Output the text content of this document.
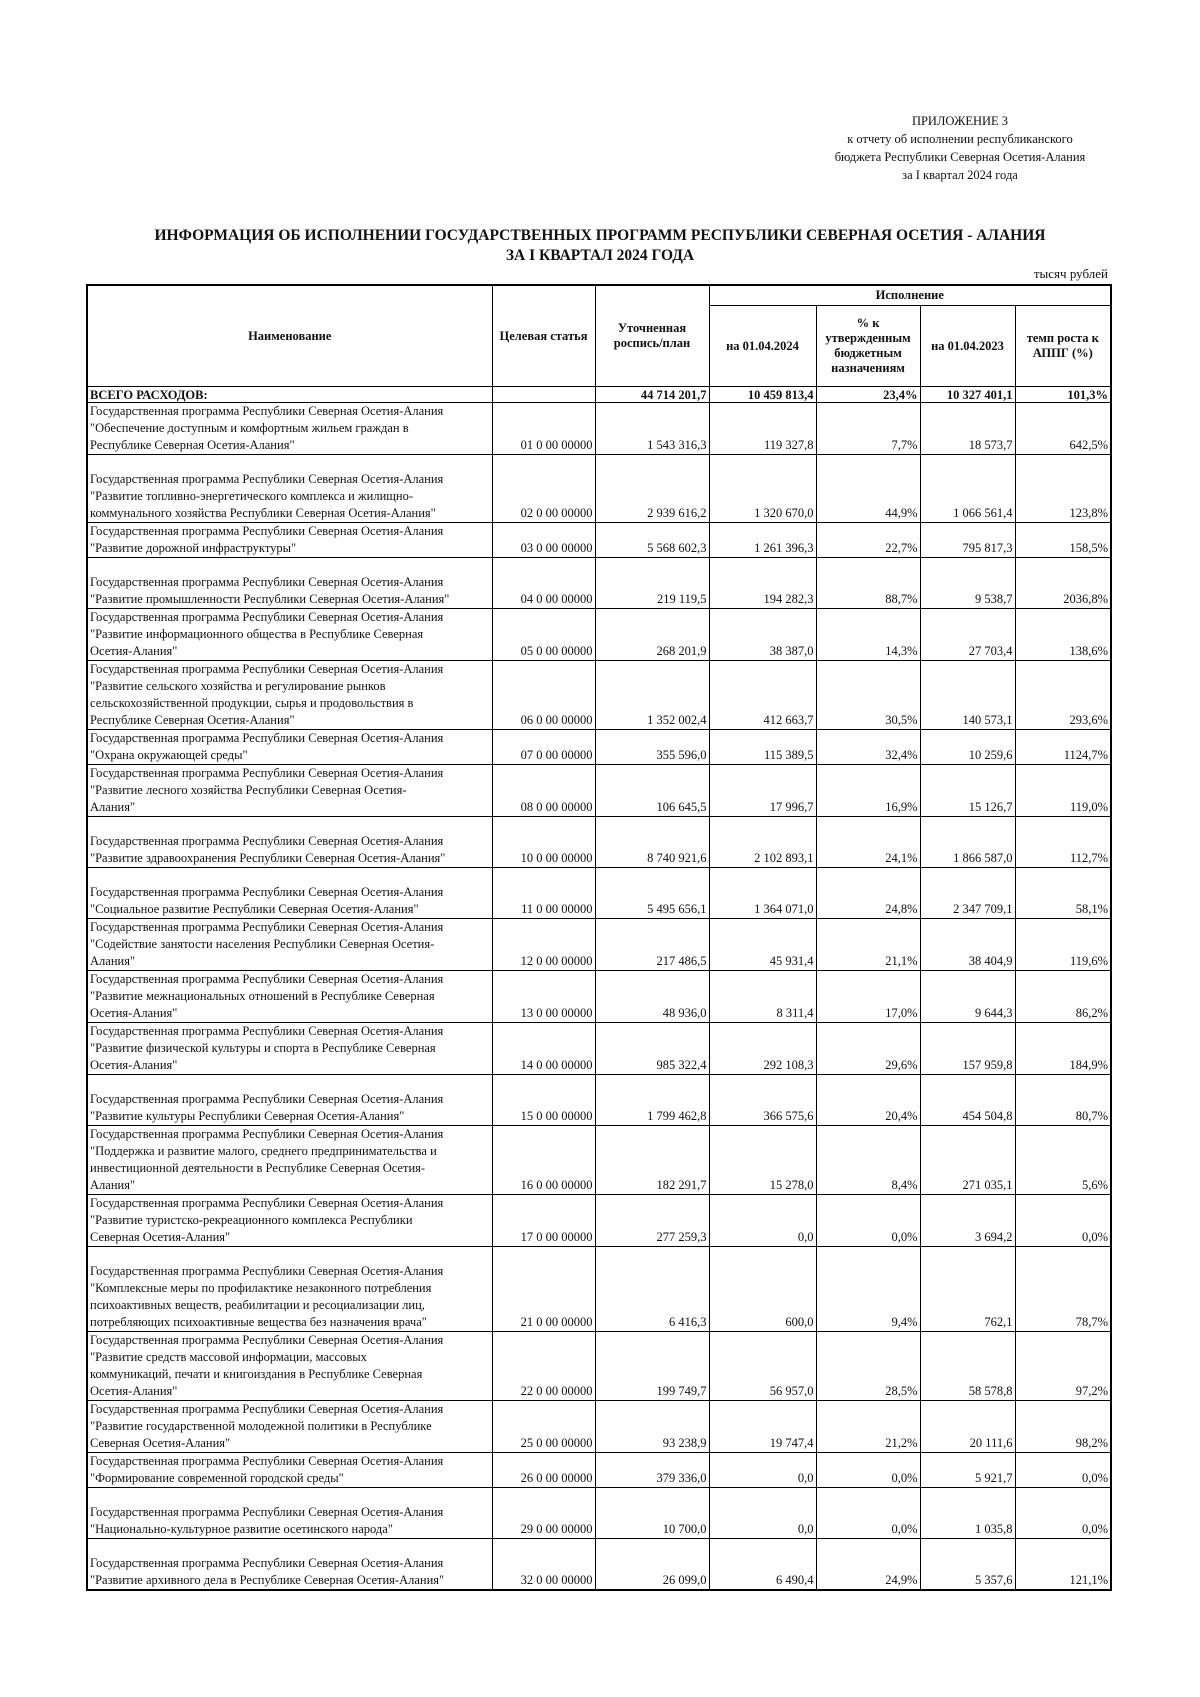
ПРИЛОЖЕНИЕ 3
к отчету об исполнении республиканского
бюджета Республики Северная Осетия-Алания
за I квартал 2024 года
ИНФОРМАЦИЯ ОБ ИСПОЛНЕНИИ ГОСУДАРСТВЕННЫХ ПРОГРАММ РЕСПУБЛИКИ СЕВЕРНАЯ ОСЕТИЯ - АЛАНИЯ
ЗА I КВАРТАЛ 2024 ГОДА
тысяч рублей
Наименование	Целевая статья	Уточненная роспись/план	Исполнение			
			на 01.04.2024	% к утвержденным бюджетным назначениям	на 01.04.2023	темп роста к АППГ (%)
ВСЕГО РАСХОДОВ:		44 714 201,7	10 459 813,4	23,4%	10 327 401,1	101,3%

Государственная программа Республики Северная Осетия-Алания
"Обеспечение доступным и комфортным жильем граждан в
Республике Северная Осетия-Алания"	01 0 00 00000	1 543 316,3	119 327,8	7,7%	18 573,7	642,5%

Государственная программа Республики Северная Осетия-Алания
"Развитие топливно-энергетического комплекса и жилищно-
коммунального хозяйства Республики Северная Осетия-Алания"	02 0 00 00000	2 939 616,2	1 320 670,0	44,9%	1 066 561,4	123,8%

Государственная программа Республики Северная Осетия-Алания
"Развитие дорожной инфраструктуры"	03 0 00 00000	5 568 602,3	1 261 396,3	22,7%	795 817,3	158,5%

Государственная программа Республики Северная Осетия-Алания
"Развитие промышленности Республики Северная Осетия-Алания"	04 0 00 00000	219 119,5	194 282,3	88,7%	9 538,7	2036,8%

Государственная программа Республики Северная Осетия-Алания
"Развитие информационного общества в Республике Северная
Осетия-Алания"	05 0 00 00000	268 201,9	38 387,0	14,3%	27 703,4	138,6%

Государственная программа Республики Северная Осетия-Алания
"Развитие сельского хозяйства и регулирование рынков
сельскохозяйственной продукции, сырья и продовольствия в
Республике Северная Осетия-Алания"	06 0 00 00000	1 352 002,4	412 663,7	30,5%	140 573,1	293,6%

Государственная программа Республики Северная Осетия-Алания
"Охрана окружающей среды"	07 0 00 00000	355 596,0	115 389,5	32,4%	10 259,6	1124,7%

Государственная программа Республики Северная Осетия-Алания
"Развитие лесного хозяйства Республики Северная Осетия-
Алания"	08 0 00 00000	106 645,5	17 996,7	16,9%	15 126,7	119,0%

Государственная программа Республики Северная Осетия-Алания
"Развитие здравоохранения Республики Северная Осетия-Алания"	10 0 00 00000	8 740 921,6	2 102 893,1	24,1%	1 866 587,0	112,7%

Государственная программа Республики Северная Осетия-Алания
"Социальное развитие Республики Северная Осетия-Алания"	11 0 00 00000	5 495 656,1	1 364 071,0	24,8%	2 347 709,1	58,1%

Государственная программа Республики Северная Осетия-Алания
"Содействие занятости населения Республики Северная Осетия-
Алания"	12 0 00 00000	217 486,5	45 931,4	21,1%	38 404,9	119,6%

Государственная программа Республики Северная Осетия-Алания
"Развитие межнациональных отношений в Республике Северная
Осетия-Алания"	13 0 00 00000	48 936,0	8 311,4	17,0%	9 644,3	86,2%

Государственная программа Республики Северная Осетия-Алания
"Развитие физической культуры и спорта в Республике Северная
Осетия-Алания"	14 0 00 00000	985 322,4	292 108,3	29,6%	157 959,8	184,9%

Государственная программа Республики Северная Осетия-Алания
"Развитие культуры Республики Северная Осетия-Алания"	15 0 00 00000	1 799 462,8	366 575,6	20,4%	454 504,8	80,7%

Государственная программа Республики Северная Осетия-Алания
"Поддержка и развитие малого, среднего предпринимательства и
инвестиционной деятельности в Республике Северная Осетия-
Алания"	16 0 00 00000	182 291,7	15 278,0	8,4%	271 035,1	5,6%

Государственная программа Республики Северная Осетия-Алания
"Развитие туристско-рекреационного комплекса Республики
Северная Осетия-Алания"	17 0 00 00000	277 259,3	0,0	0,0%	3 694,2	0,0%

Государственная программа Республики Северная Осетия-Алания
"Комплексные меры по профилактике незаконного потребления
психоактивных веществ, реабилитации и ресоциализации лиц,
потребляющих психоактивные вещества без назначения врача"	21 0 00 00000	6 416,3	600,0	9,4%	762,1	78,7%

Государственная программа Республики Северная Осетия-Алания
"Развитие средств массовой информации, массовых
коммуникаций, печати и книгоиздания в Республике Северная
Осетия-Алания"	22 0 00 00000	199 749,7	56 957,0	28,5%	58 578,8	97,2%

Государственная программа Республики Северная Осетия-Алания
"Развитие государственной молодежной политики в Республике
Северная Осетия-Алания"	25 0 00 00000	93 238,9	19 747,4	21,2%	20 111,6	98,2%

Государственная программа Республики Северная Осетия-Алания
"Формирование современной городской среды"	26 0 00 00000	379 336,0	0,0	0,0%	5 921,7	0,0%

Государственная программа Республики Северная Осетия-Алания
"Национально-культурное развитие осетинского народа"	29 0 00 00000	10 700,0	0,0	0,0%	1 035,8	0,0%

Государственная программа Республики Северная Осетия-Алания
"Развитие архивного дела в Республике Северная Осетия-Алания"	32 0 00 00000	26 099,0	6 490,4	24,9%	5 357,6	121,1%
